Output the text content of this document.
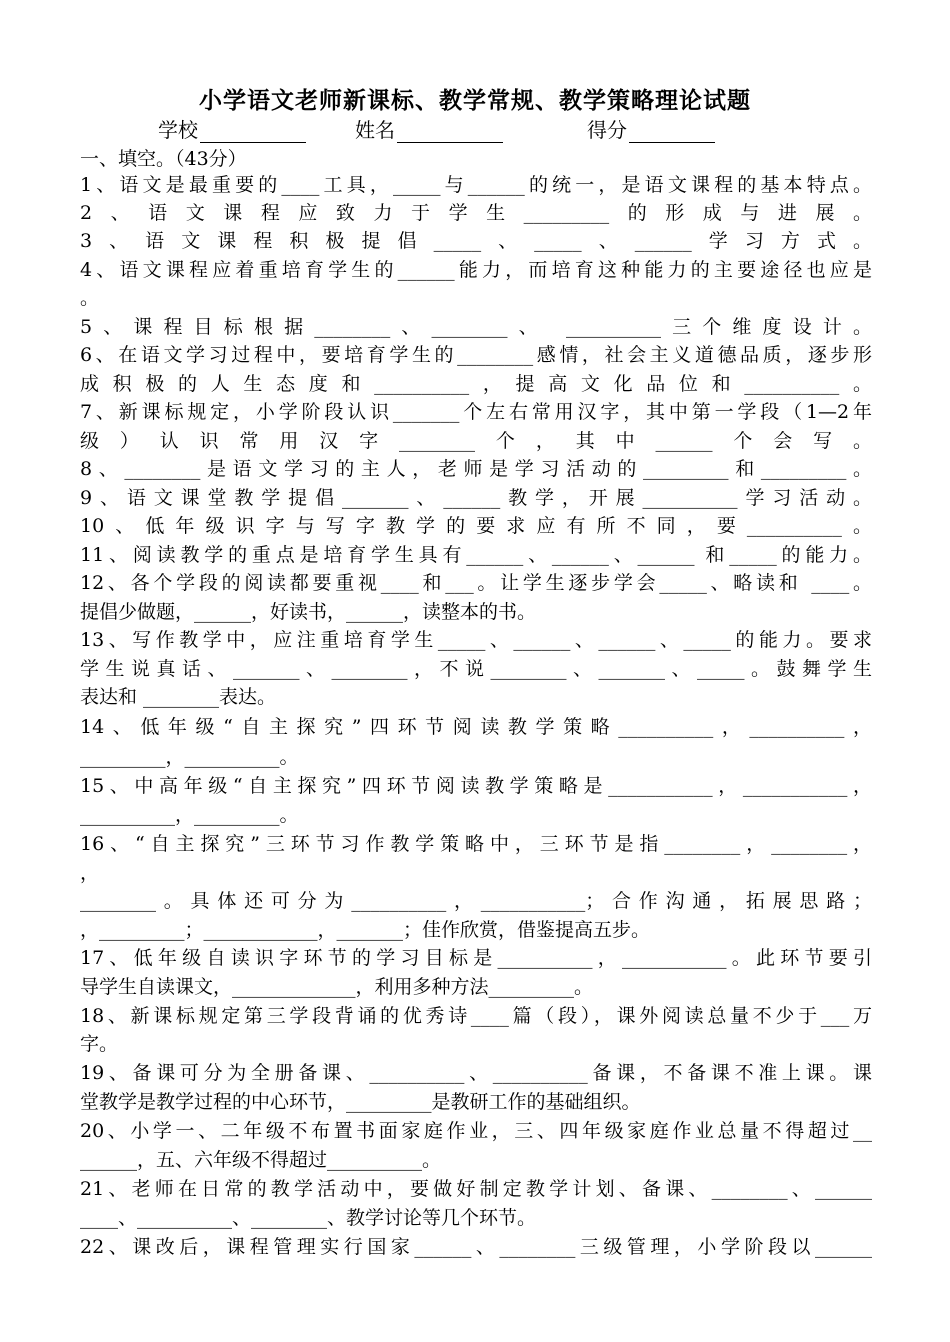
小学语文老师新课标、教学常规、教学策略理论试题
学校	姓名	得分
一、填空。（43分）
1、语文是最重要的____工具，_____与______的统一，是语文课程的基本特点。
2、语文课程应致力于学生_________的形成与进展。
3、语文课程积极提倡_____、_____、______学习方式。
4、语文课程应着重培育学生的______能力，而培育这种能力的主要途径也应是
。
5、课程目标根据________、________、 __________三个维度设计。
6、在语文学习过程中，要培育学生的________感情，社会主义道德品质，逐步形
成积极的人生态度和__________，提高文化品位和__________。
7、新课标规定，小学阶段认识_______个左右常用汉字，其中第一学段（1—2年
级）认识常用汉字________个，其中______个会写。
8、________是语文学习的主人，老师是学习活动的_________和_________。
9、语文课堂教学提倡_______、______教学，开展__________学习活动。
10、低年级识字与写字教学的要求应有所不同，要__________。
11、阅读教学的重点是培育学生具有______、______、______ 和_____的能力。
12、各个学段的阅读都要重视____和___。让学生逐步学会_____、略读和 ____。
提倡少做题，______，好读书，______，读整本的书。
13、写作教学中，应注重培育学生_____、______、______、_____的能力。要求
学生说真话、_______、________，不说________、_______、_____。鼓舞学生
表达和 ________表达。
14、低年级“自主探究”四环节阅读教学策略__________，__________，
_________，__________。
15、中高年级“自主探究”四环节阅读教学策略是___________，___________，
__________，_________。
16、“自主探究”三环节习作教学策略中，三环节是指________，________，
，
________。具体还可分为__________，___________；合作沟通，拓展思路；
，_________；____________，_______；佳作欣赏，借鉴提高五步。
17、低年级自读识字环节的学习目标是__________，___________。此环节要引
导学生自读课文，_____________，利用多种方法_________。
18、新课标规定第三学段背诵的优秀诗____篇（段），课外阅读总量不少于___万
字。
19、备课可分为全册备课、__________、__________备课，不备课不准上课。课
堂教学是教学过程的中心环节，_________是教研工作的基础组织。
20、小学一、二年级不布置书面家庭作业，三、四年级家庭作业总量不得超过__
______，五、六年级不得超过__________。
21、老师在日常的教学活动中，要做好制定教学计划、备课、________、______
____、__________、________、教学讨论等几个环节。
22、课改后，课程管理实行国家______、________三级管理，小学阶段以______
